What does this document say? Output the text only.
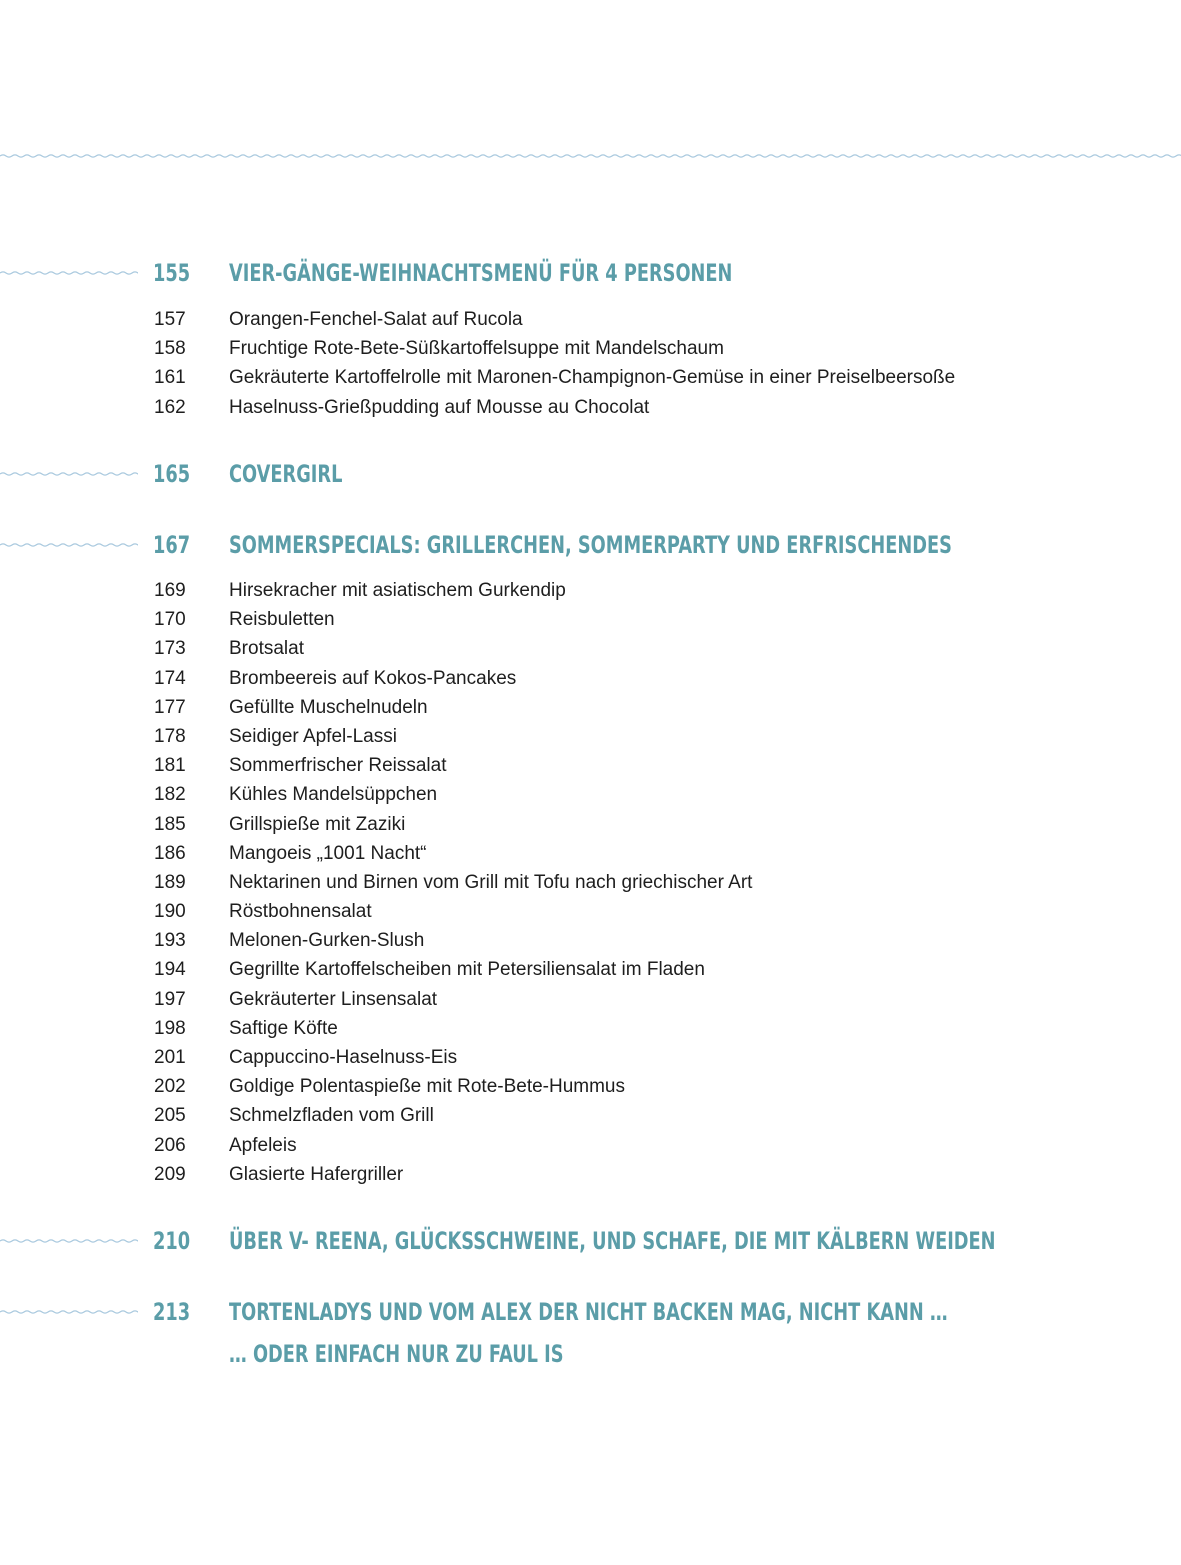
155 VIER-GÄNGE-WEIHNACHTSMENÜ FÜR 4 PERSONEN
157 Orangen-Fenchel-Salat auf Rucola
158 Fruchtige Rote-Bete-Süßkartoffelsuppe mit Mandelschaum
161 Gekräuterte Kartoffelrolle mit Maronen-Champignon-Gemüse in einer Preiselbeersoße
162 Haselnuss-Grießpudding auf Mousse au Chocolat
165 COVERGIRL
167 SOMMERSPECIALS: GRILLERCHEN, SOMMERPARTY UND ERFRISCHENDES
169 Hirsekracher mit asiatischem Gurkendip
170 Reisbuletten
173 Brotsalat
174 Brombeereis auf Kokos-Pancakes
177 Gefüllte Muschelnudeln
178 Seidiger Apfel-Lassi
181 Sommerfrischer Reissalat
182 Kühles Mandelsüppchen
185 Grillspieße mit Zaziki
186 Mangoeis „1001 Nacht“
189 Nektarinen und Birnen vom Grill mit Tofu nach griechischer Art
190 Röstbohnensalat
193 Melonen-Gurken-Slush
194 Gegrillte Kartoffelscheiben mit Petersiliensalat im Fladen
197 Gekräuterter Linsensalat
198 Saftige Köfte
201 Cappuccino-Haselnuss-Eis
202 Goldige Polentaspieße mit Rote-Bete-Hummus
205 Schmelzfladen vom Grill
206 Apfeleis
209 Glasierte Hafergriller
210 ÜBER V- REENA, GLÜCKSSCHWEINE, UND SCHAFE, DIE MIT KÄLBERN WEIDEN
213 TORTENLADYS UND VOM ALEX DER NICHT BACKEN MAG, NICHT KANN …
… ODER EINFACH NUR ZU FAUL IS
